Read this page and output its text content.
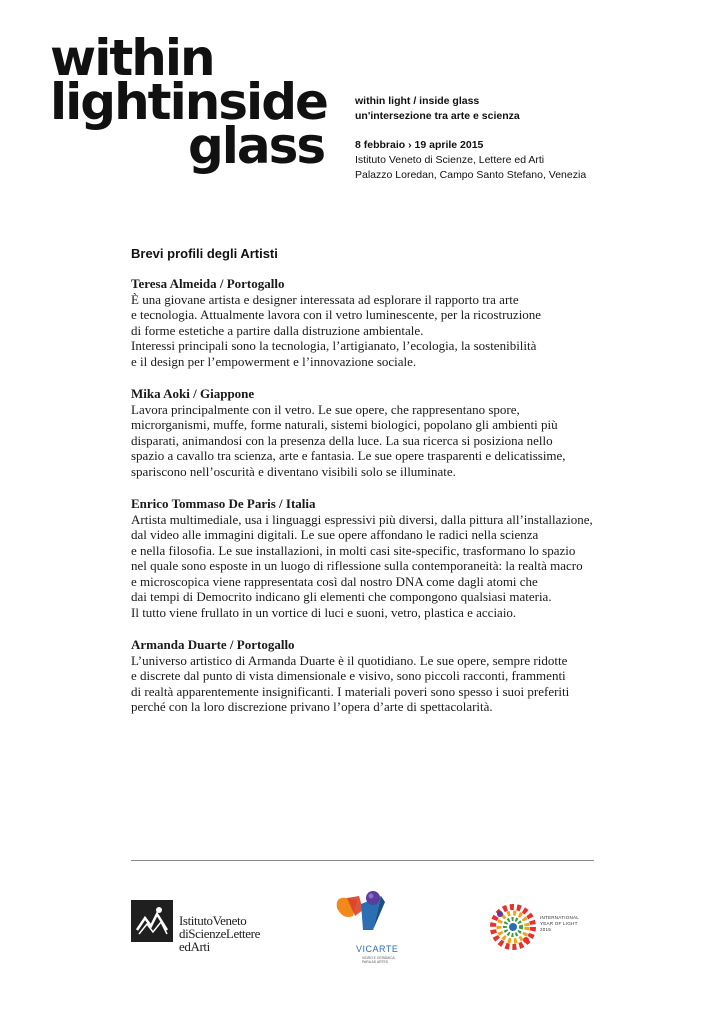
within
lightinside
glass
within light / inside glass
un'intersezione tra arte e scienza
8 febbraio › 19 aprile 2015
Istituto Veneto di Scienze, Lettere ed Arti
Palazzo Loredan, Campo Santo Stefano, Venezia
Brevi profili degli Artisti
Teresa Almeida / Portogallo
È una giovane artista e designer interessata ad esplorare il rapporto tra arte
e tecnologia. Attualmente lavora con il vetro luminescente, per la ricostruzione
di forme estetiche a partire dalla distruzione ambientale.
Interessi principali sono la tecnologia, l’artigianato, l’ecologia, la sostenibilità
e il design per l’empowerment e l’innovazione sociale.
Mika Aoki / Giappone
Lavora principalmente con il vetro. Le sue opere, che rappresentano spore,
microrganismi, muffe, forme naturali, sistemi biologici, popolano gli ambienti più
disparati, animandosi con la presenza della luce. La sua ricerca si posiziona nello
spazio a cavallo tra scienza, arte e fantasia. Le sue opere trasparenti e delicatissime,
spariscono nell’oscurità e diventano visibili solo se illuminate.
Enrico Tommaso De Paris / Italia
Artista multimediale, usa i linguaggi espressivi più diversi, dalla pittura all’installazione,
dal video alle immagini digitali. Le sue opere affondano le radici nella scienza
e nella filosofia. Le sue installazioni, in molti casi site-specific, trasformano lo spazio
nel quale sono esposte in un luogo di riflessione sulla contemporaneità: la realtà macro
e microscopica viene rappresentata così dal nostro DNA come dagli atomi che
dai tempi di Democrito indicano gli elementi che compongono qualsiasi materia.
Il tutto viene frullato in un vortice di luci e suoni, vetro, plastica e acciaio.
Armanda Duarte / Portogallo
L’universo artistico di Armanda Duarte è il quotidiano. Le sue opere, sempre ridotte
e discrete dal punto di vista dimensionale e visivo, sono piccoli racconti, frammenti
di realtà apparentemente insignificanti. I materiali poveri sono spesso i suoi preferiti
perché con la loro discrezione privano l’opera d’arte di spettacolarità.
IstitutoVeneto
diScienzeLettere
edArti	VICARTE
VIDRO E CERÂMICA
PARA AS ARTES
INTERNATIONAL
YEAR OF LIGHT
2015
